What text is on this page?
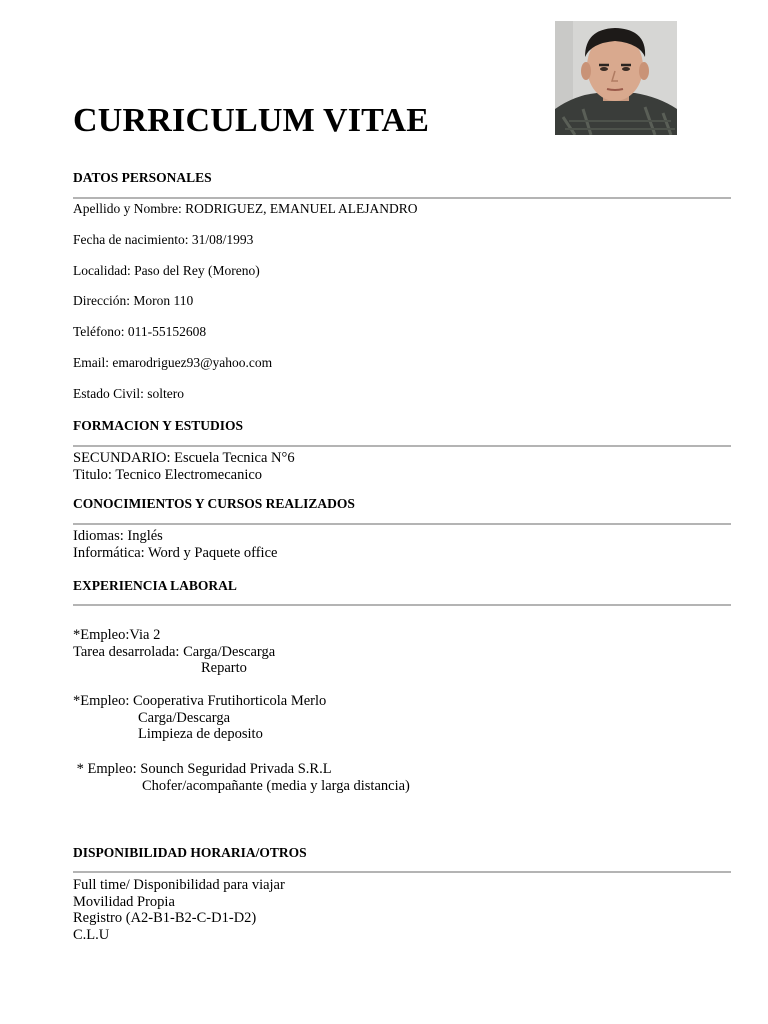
CURRICULUM VITAE
DATOS PERSONALES
Apellido y Nombre: RODRIGUEZ, EMANUEL ALEJANDRO
Fecha de nacimiento: 31/08/1993
Localidad: Paso del Rey (Moreno)
Dirección: Moron 110
Teléfono: 011-55152608
Email: emarodriguez93@yahoo.com
Estado Civil: soltero
FORMACION Y ESTUDIOS
SECUNDARIO: Escuela Tecnica N°6
Titulo: Tecnico Electromecanico
CONOCIMIENTOS Y CURSOS REALIZADOS
Idiomas: Inglés
Informática: Word y Paquete office
EXPERIENCIA LABORAL
*Empleo:Via 2
Tarea desarrolada: Carga/Descarga
Reparto
*Empleo: Cooperativa Frutihorticola Merlo
Carga/Descarga
Limpieza de deposito
* Empleo: Sounch Seguridad Privada S.R.L
Chofer/acompañante (media y larga distancia)
DISPONIBILIDAD HORARIA/OTROS
Full time/ Disponibilidad para viajar
Movilidad Propia
Registro (A2-B1-B2-C-D1-D2)
C.L.U
